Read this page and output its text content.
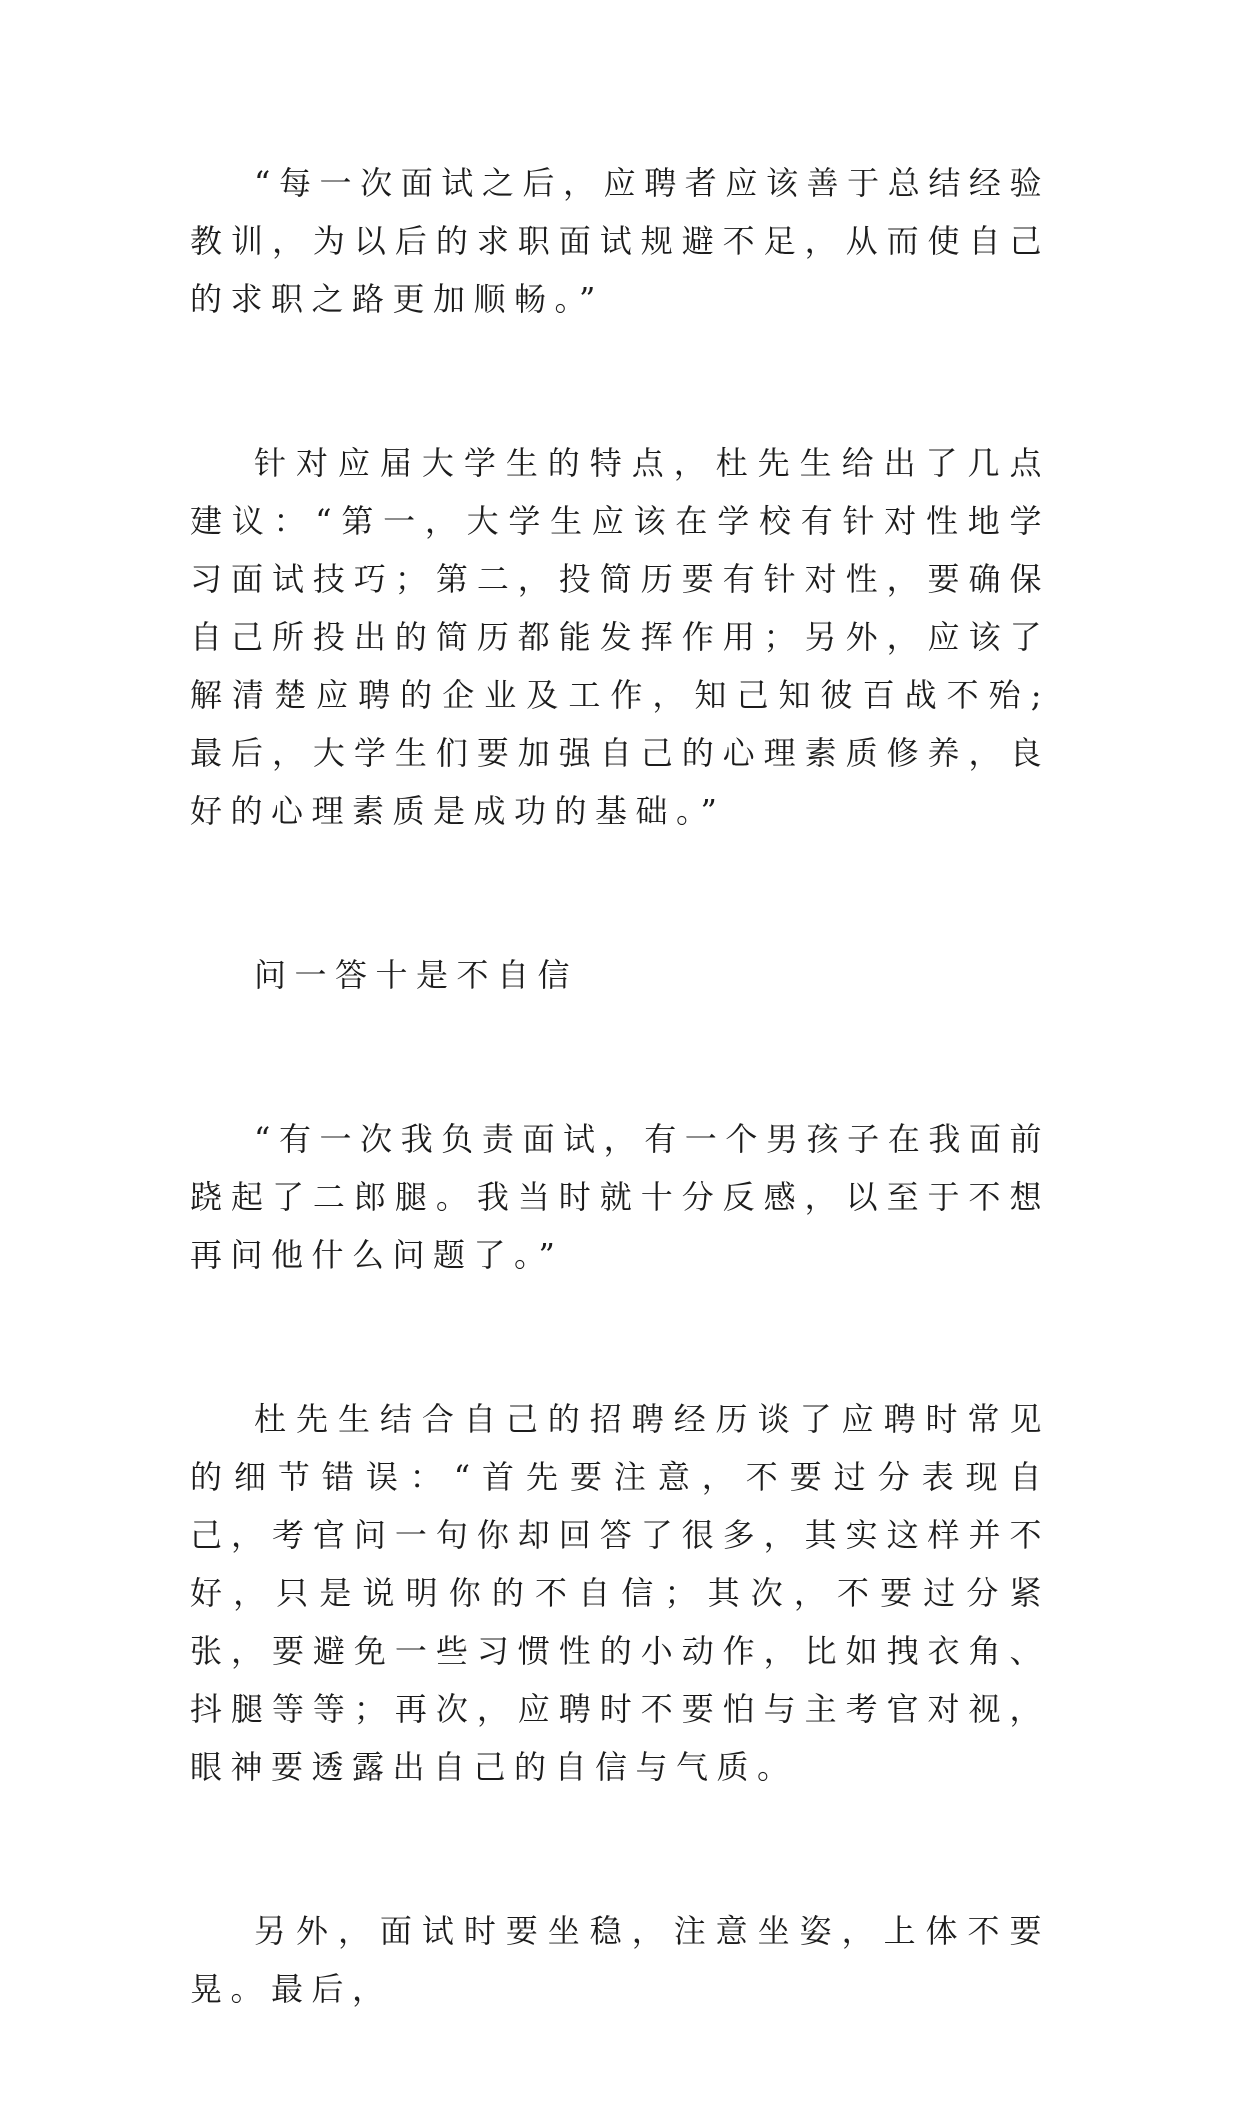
“每一次面试之后，应聘者应该善于总结经验教训，为以后的求职面试规避不足，从而使自己的求职之路更加顺畅。”

针对应届大学生的特点，杜先生给出了几点建议：“第一，大学生应该在学校有针对性地学习面试技巧；第二，投简历要有针对性，要确保自己所投出的简历都能发挥作用；另外，应该了解清楚应聘的企业及工作，知己知彼百战不殆;最后，大学生们要加强自己的心理素质修养，良好的心理素质是成功的基础。”

问一答十是不自信

“有一次我负责面试，有一个男孩子在我面前跷起了二郎腿。我当时就十分反感，以至于不想再问他什么问题了。”

杜先生结合自己的招聘经历谈了应聘时常见的细节错误：“首先要注意，不要过分表现自己，考官问一句你却回答了很多，其实这样并不好，只是说明你的不自信；其次，不要过分紧张，要避免一些习惯性的小动作，比如拽衣角、抖腿等等；再次，应聘时不要怕与主考官对视，眼神要透露出自己的自信与气质。

另外，面试时要坐稳，注意坐姿，上体不要晃。最后，
